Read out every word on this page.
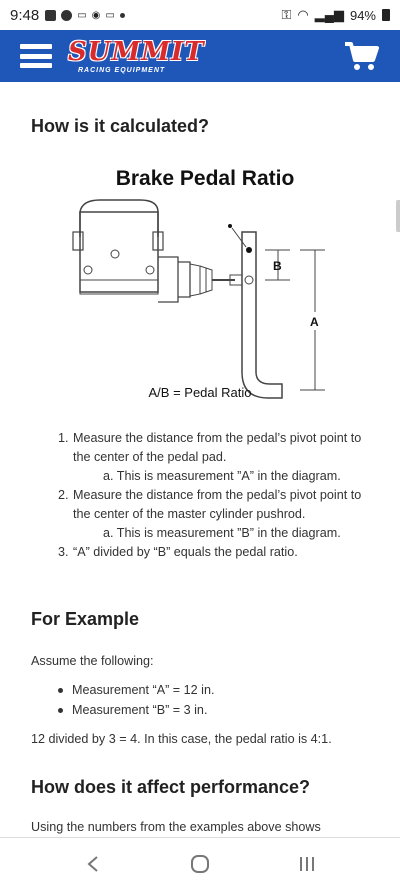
9:48	▭ ◉ ▭	⚿ ◠ ▂▄▆ 94%
SUMMIT
RACING EQUIPMENT
How is it calculated?
Brake Pedal Ratio
B
A
A/B = Pedal Ratio
1. Measure the distance from the pedal’s pivot point to the center of the pedal pad.
a. This is measurement ”A” in the diagram.
2. Measure the distance from the pedal’s pivot point to the center of the master cylinder pushrod.
a. This is measurement ”B” in the diagram.
3. “A” divided by “B” equals the pedal ratio.
For Example
Assume the following:
Measurement “A” = 12 in.
Measurement “B” = 3 in.
12 divided by 3 = 4. In this case, the pedal ratio is 4:1.
How does it affect performance?
Using the numbers from the examples above shows
